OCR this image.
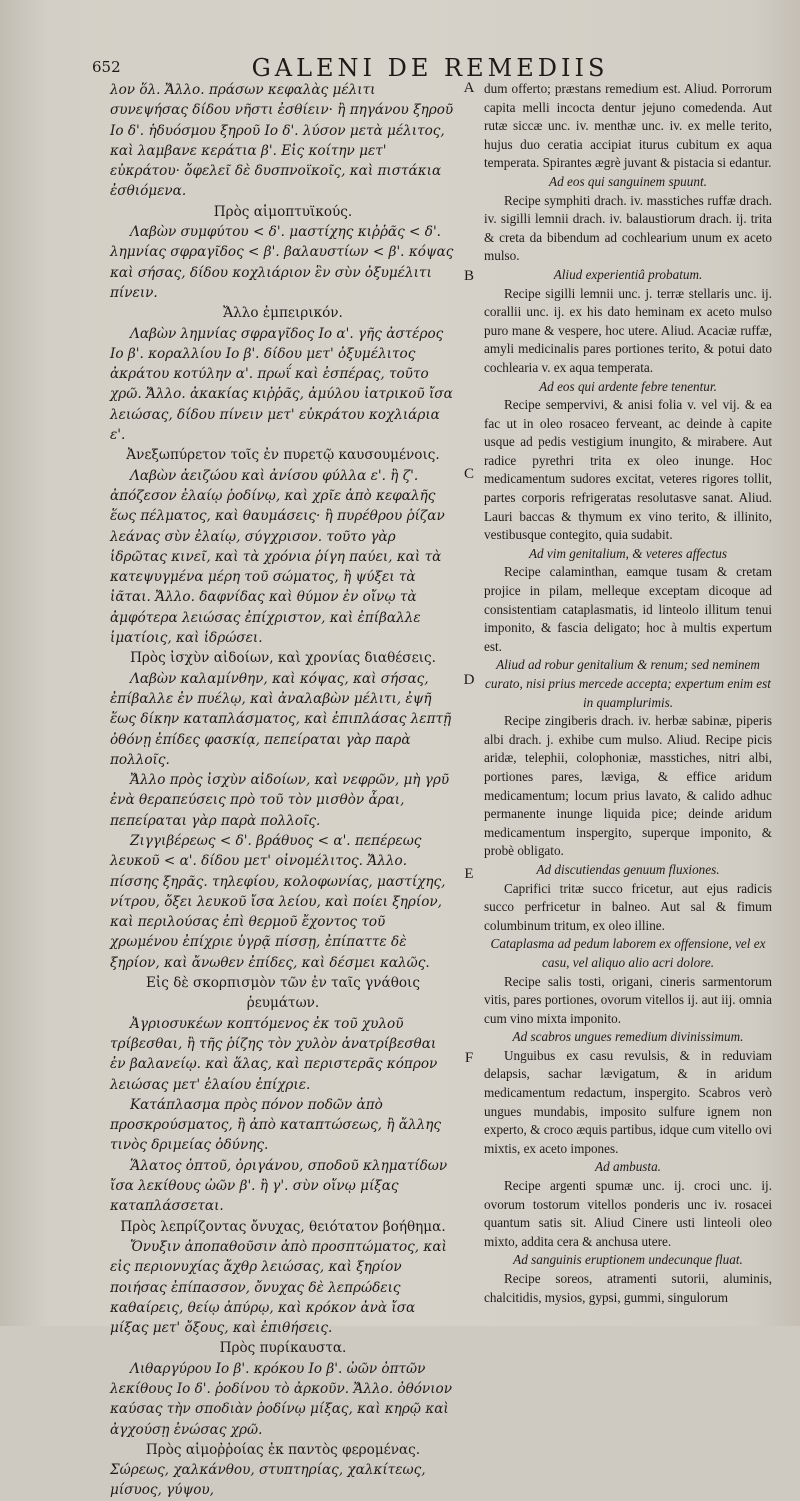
652	GALENI DE REMEDIIS

λον ὅλ. Ἄλλο. πράσων κεφαλὰς μέλιτι συνεψήσας δίδου νῆστι ἐσθίειν· ἢ πηγάνου ξηροῦ Ιο δ'. ἡδυόσμου ξηροῦ Ιο δ'. λύσον μετὰ μέλιτος, καὶ λαμβανε κεράτια β'. Εἰς κοίτην μετ' εὐκράτου· ὄφελεῖ δὲ δυσπνοϊκοῖς, καὶ πιστάκια ἐσθιόμενα.

Πρὸς αἱμοπτυϊκούς.

Λαβὼν συμφύτου < δ'. μαστίχης κιῤῥᾶς < δ'. λημνίας σφραγῖδος < β'. βαλαυστίων < β'. κόψας καὶ σήσας, δίδου κοχλιάριον ἓν σὺν ὀξυμέλιτι πίνειν.

Ἄλλο ἐμπειρικόν.

Λαβὼν λημνίας σφραγῖδος Ιο α'. γῆς ἀστέρος Ιο β'. κοραλλίου Ιο β'. δίδου μετ' ὀξυμέλιτος ἀκράτου κοτύλην α'. πρωΐ καὶ ἑσπέρας, τοῦτο χρῶ. Ἄλλο. ἀκακίας κιῤῥᾶς, ἀμύλου ἰατρικοῦ ἴσα λειώσας, δίδου πίνειν μετ' εὐκράτου κοχλιάρια ε'.

Ἀνεξωπύρετον τοῖς ἐν πυρετῷ καυσουμένοις.

Λαβὼν ἀειζώου καὶ ἀνίσου φύλλα ε'. ἢ ζ'. ἀπόζεσον ἐλαίῳ ῥοδίνῳ, καὶ χρῖε ἀπὸ κεφαλῆς ἕως πέλματος, καὶ θαυμάσεις· ἢ πυρέθρου ῥίζαν λεάνας σὺν ἐλαίῳ, σύγχρισον. τοῦτο γὰρ ἱδρῶτας κινεῖ, καὶ τὰ χρόνια ῥίγη παύει, καὶ τὰ κατεψυγμένα μέρη τοῦ σώματος, ἢ ψύξει τὰ ἰᾶται. Ἄλλο. δαφνίδας καὶ θύμον ἐν οἴνῳ τὰ ἀμφότερα λειώσας ἐπίχριστον, καὶ ἐπίβαλλε ἱματίοις, καὶ ἱδρώσει.

Πρὸς ἰσχὺν αἰδοίων, καὶ χρονίας διαθέσεις.

Λαβὼν καλαμίνθην, καὶ κόψας, καὶ σήσας, ἐπίβαλλε ἐν πυέλῳ, καὶ ἀναλαβὼν μέλιτι, ἐψῆ ἕως δίκην καταπλάσματος, καὶ ἐπιπλάσας λεπτῇ ὀθόνῃ ἐπίδες φασκίᾳ, πεπείραται γὰρ παρὰ πολλοῖς.

Ἄλλο πρὸς ἰσχὺν αἰδοίων, καὶ νεφρῶν, μὴ γρῦ ἐνὰ θεραπεύσεις πρὸ τοῦ τὸν μισθὸν ἆραι, πεπείραται γὰρ παρὰ πολλοῖς.

Ζιγγιβέρεως < δ'. βράθυος < α'. πεπέρεως λευκοῦ < α'. δίδου μετ' οἰνομέλιτος. Ἄλλο. πίσσης ξηρᾶς. τηλεφίου, κολοφωνίας, μαστίχης, νίτρου, ὄξει λευκοῦ ἴσα λείου, καὶ ποίει ξηρίον, καὶ περιλούσας ἐπὶ θερμοῦ ἔχοντος τοῦ χρωμένου ἐπίχριε ὑγρᾷ πίσσῃ, ἐπίπαττε δὲ ξηρίον, καὶ ἄνωθεν ἐπίδες, καὶ δέσμει καλῶς.

Εἰς δὲ σκορπισμὸν τῶν ἐν ταῖς γνάθοις ῥευμάτων.

Ἀγριοσυκέων κοπτόμενος ἐκ τοῦ χυλοῦ τρίβεσθαι, ἢ τῆς ῥίζης τὸν χυλὸν ἀνατρίβεσθαι ἐν βαλανείῳ. καὶ ἅλας, καὶ περιστερᾶς κόπρον λειώσας μετ' ἐλαίου ἐπίχριε.

Κατάπλασμα πρὸς πόνον ποδῶν ἀπὸ προσκρούσματος, ἢ ἀπὸ καταπτώσεως, ἢ ἄλλης τινὸς δριμείας ὀδύνης.

Ἅλατος ὀπτοῦ, ὀριγάνου, σποδοῦ κληματίδων ἴσα λεκίθους ὠῶν β'. ἢ γ'. σὺν οἴνῳ μίξας καταπλάσσεται.

Πρὸς λεπρίζοντας ὄνυχας, θειότατον βοήθημα.

Ὄνυξιν ἀποπαθοῦσιν ἀπὸ προσπτώματος, καὶ εἰς περιονυχίας ἄχθρ λειώσας, καὶ ξηρίον ποιήσας ἐπίπασσον, ὄνυχας δὲ λεπρώδεις καθαίρεις, θείῳ ἀπύρῳ, καὶ κρόκον ἀνὰ ἴσα μίξας μετ' ὄξους, καὶ ἐπιθήσεις.

Πρὸς πυρίκαυστα.

Λιθαργύρου Ιο β'. κρόκου Ιο β'. ὠῶν ὀπτῶν λεκίθους Ιο δ'. ῥοδίνου τὸ ἀρκοῦν. Ἄλλο. ὀθόνιον καύσας τὴν σποδιὰν ῥοδίνῳ μίξας, καὶ κηρῷ καὶ ἀγχούσῃ ἑνώσας χρῶ.

Πρὸς αἱμοῤῥοίας ἐκ παντὸς φερομένας.

Σώρεως, χαλκάνθου, στυπτηρίας, χαλκίτεως, μίσυος, γύψου,

A
B
C
D
E
F

dum offerto; præstans remedium est. Aliud. Porrorum capita melli incocta dentur jejuno comedenda. Aut rutæ siccæ unc. iv. menthæ unc. iv. ex melle terito, hujus duo ceratia accipiat iturus cubitum ex aqua temperata. Spirantes ægrè juvant & pistacia si edantur.

Ad eos qui sanguinem spuunt.

Recipe symphiti drach. iv. masstiches ruffæ drach. iv. sigilli lemnii drach. iv. balaustiorum drach. ij. trita & creta da bibendum ad cochlearium unum ex aceto mulso.

Aliud experientiâ probatum.

Recipe sigilli lemnii unc. j. terræ stellaris unc. ij. corallii unc. ij. ex his dato heminam ex aceto mulso puro mane & vespere, hoc utere. Aliud. Acaciæ ruffæ, amyli medicinalis pares portiones terito, & potui dato cochlearia v. ex aqua temperata.

Ad eos qui ardente febre tenentur.

Recipe sempervivi, & anisi folia v. vel vij. & ea fac ut in oleo rosaceo ferveant, ac deinde à capite usque ad pedis vestigium inungito, & mirabere. Aut radice pyrethri trita ex oleo inunge. Hoc medicamentum sudores excitat, veteres rigores tollit, partes corporis refrigeratas resolutasve sanat. Aliud. Lauri baccas & thymum ex vino terito, & illinito, vestibusque contegito, quia sudabit.

Ad vim genitalium, & veteres affectus

Recipe calaminthan, eamque tusam & cretam projice in pilam, melleque exceptam dicoque ad consistentiam cataplasmatis, id linteolo illitum tenui imponito, & fascia deligato; hoc à multis expertum est.

Aliud ad robur genitalium & renum; sed neminem curato, nisi prius mercede accepta; expertum enim est in quamplurimis.

Recipe zingiberis drach. iv. herbæ sabinæ, piperis albi drach. j. exhibe cum mulso. Aliud. Recipe picis aridæ, telephii, colophoniæ, masstiches, nitri albi, portiones pares, lævigа, & effice aridum medicamentum; locum prius lavato, & calido adhuc permanente inunge liquida pice; deinde aridum medicamentum inspergito, superque imponito, & probè obligato.

Ad discutiendas genuum fluxiones.

Caprifici tritæ succo fricetur, aut ejus radicis succo perfricetur in balneo. Aut sal & fimum columbinum tritum, ex oleo illine.

Cataplasma ad pedum laborem ex offensione, vel ex casu, vel aliquo alio acri dolore.

Recipe salis tosti, origani, cineris sarmentorum vitis, pares portiones, ovorum vitellos ij. aut iij. omnia cum vino mixta imponito.

Ad scabros ungues remedium divinissimum.

Unguibus ex casu revulsis, & in reduviam delapsis, sachar lævigatum, & in aridum medicamentum redactum, inspergito. Scabros verò ungues mundabis, imposito sulfure ignem non experto, & croco æquis partibus, idque cum vitello ovi mixtis, ex aceto impones.

Ad ambusta.

Recipe argenti spumæ unc. ij. croci unc. ij. ovorum tostorum vitellos ponderis unc iv. rosacei quantum satis sit. Aliud Cinere usti linteoli oleo mixto, addita cera & anchusa utere.

Ad sanguinis eruptionem undecunque fluat.

Recipe soreos, atramenti sutorii, aluminis, chalcitidis, mysios, gypsi, gummi, singulorum
